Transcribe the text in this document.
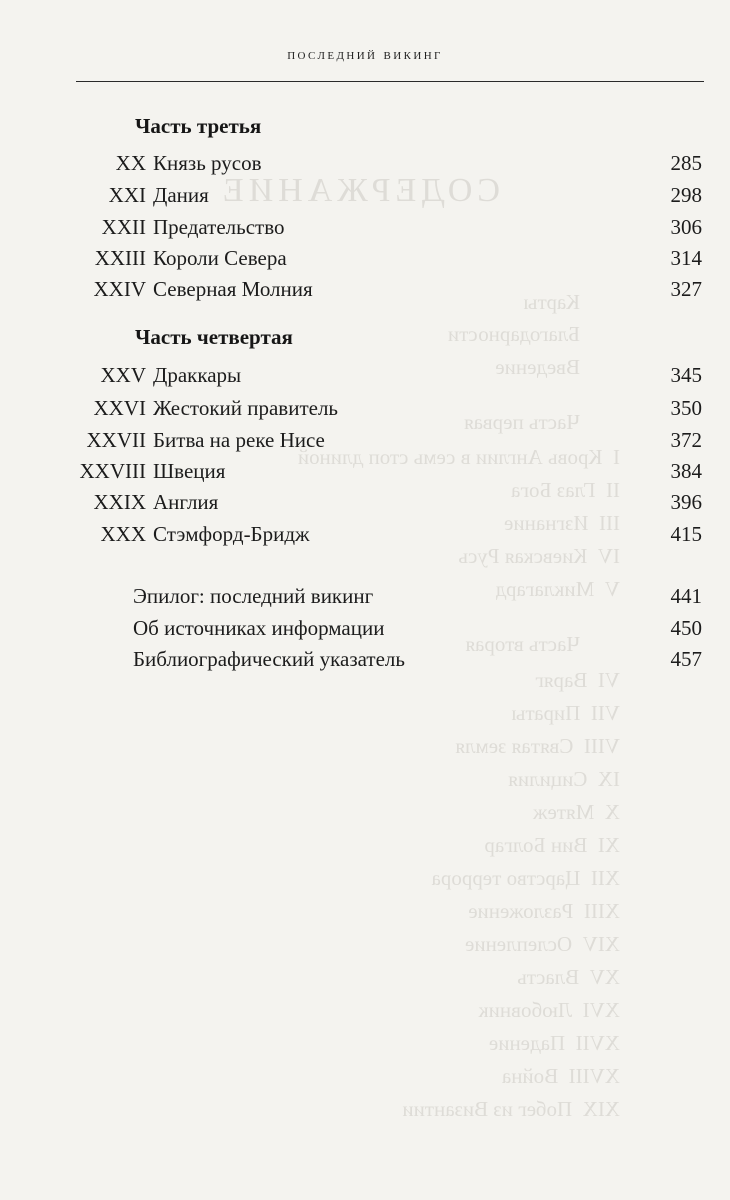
СОДЕРЖАНИЕ
Карты
Благодарности
Введение
Часть первая
I  Кровь Англии в семь стоп длиной
II  Глаз Бога
III  Изгнание
IV  Киевская Русь
V  Миклагард
Часть вторая
VI  Варяг
VII  Пираты
VIII  Святая земля
IX  Сицилия
X  Мятеж
XI  Вин Болгар
XII  Царство террора
XIII  Разложение
XIV  Ослепление
XV  Власть
XVI  Любовник
XVII  Падение
XVIII  Война
XIX  Побег из Византии
последний викинг
Часть третья
XX Князь русов	285
XXI Дания	298
XXII Предательство	306
XXIII Короли Севера	314
XXIV Северная Молния	327
Часть четвертая
XXV Драккары	345
XXVI Жестокий правитель	350
XXVII Битва на реке Нисе	372
XXVIII Швеция	384
XXIX Англия	396
XXX Стэмфорд-Бридж	415
Эпилог: последний викинг	441
Об источниках информации	450
Библиографический указатель	457
